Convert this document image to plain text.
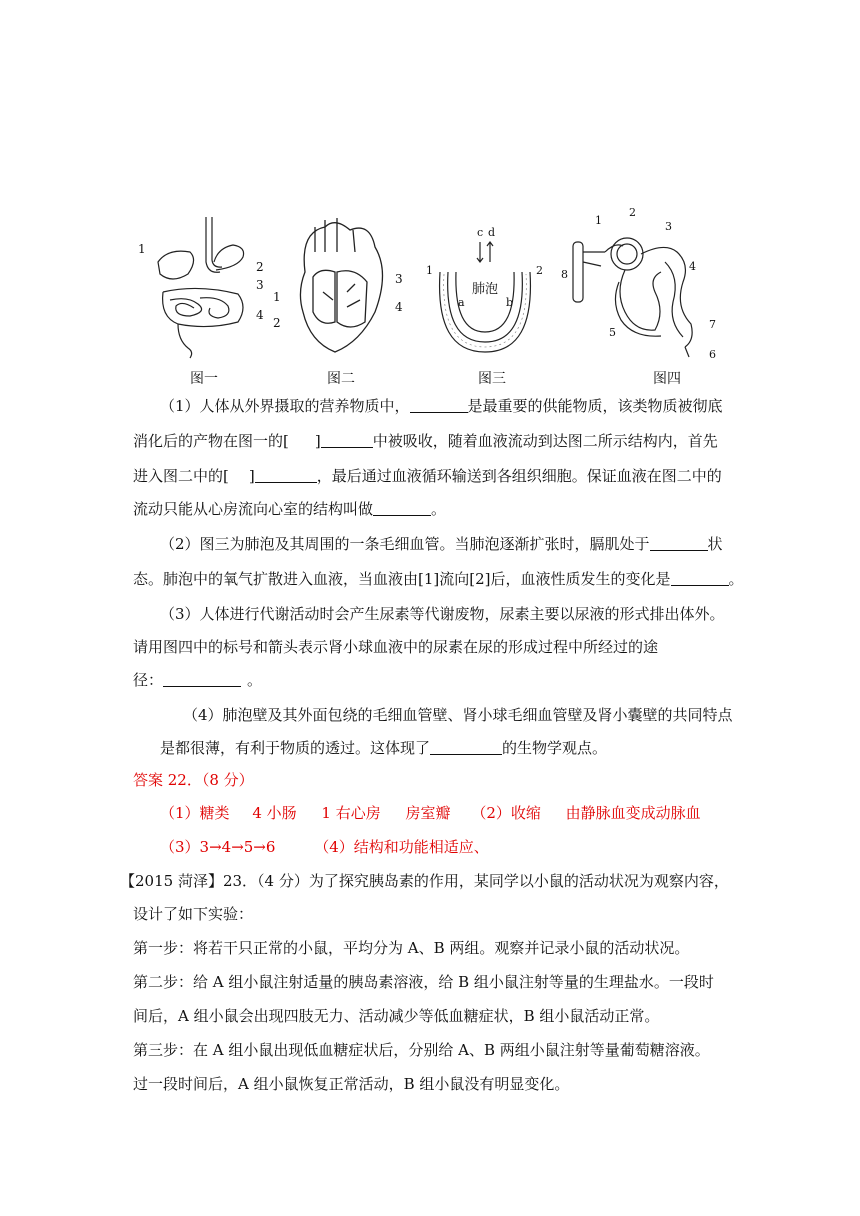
1
2
3
4
图一
3
1
4
2
图二
c d
1	2
肺泡
a	b
图三
1
2
3
4
5
6
7
8
图四
（1）人体从外界摄取的营养物质中，	是最重要的供能物质，该类物质被彻底
消化后的产物在图一的[ ]	中被吸收，随着血液流动到达图二所示结构内，首先
进入图二中的[ ]	，最后通过血液循环输送到各组织细胞。保证血液在图二中的
流动只能从心房流向心室的结构叫做	。
（2）图三为肺泡及其周围的一条毛细血管。当肺泡逐渐扩张时，膈肌处于	状
态。肺泡中的氧气扩散进入血液，当血液由[1]流向[2]后，血液性质发生的变化是	。
（3）人体进行代谢活动时会产生尿素等代谢废物，尿素主要以尿液的形式排出体外。
请用图四中的标号和箭头表示肾小球血液中的尿素在尿的形成过程中所经过的途
径：	。
（4）肺泡壁及其外面包绕的毛细血管壁、肾小球毛细血管壁及肾小囊壁的共同特点
是都很薄，有利于物质的透过。这体现了	的生物学观点。
答案 22．（8 分）
（1）糖类 4 小肠 1 右心房 房室瓣 （2）收缩 由静脉血变成动脉血
（3）3→4→5→6	（4）结构和功能相适应、
【2015 菏泽】23．（4 分）为了探究胰岛素的作用，某同学以小鼠的活动状况为观察内容，
设计了如下实验：
第一步：将若干只正常的小鼠，平均分为 A、B 两组。观察并记录小鼠的活动状况。
第二步：给 A 组小鼠注射适量的胰岛素溶液，给 B 组小鼠注射等量的生理盐水。一段时
间后，A 组小鼠会出现四肢无力、活动减少等低血糖症状，B 组小鼠活动正常。
第三步：在 A 组小鼠出现低血糖症状后，分别给 A、B 两组小鼠注射等量葡萄糖溶液。
过一段时间后，A 组小鼠恢复正常活动，B 组小鼠没有明显变化。
